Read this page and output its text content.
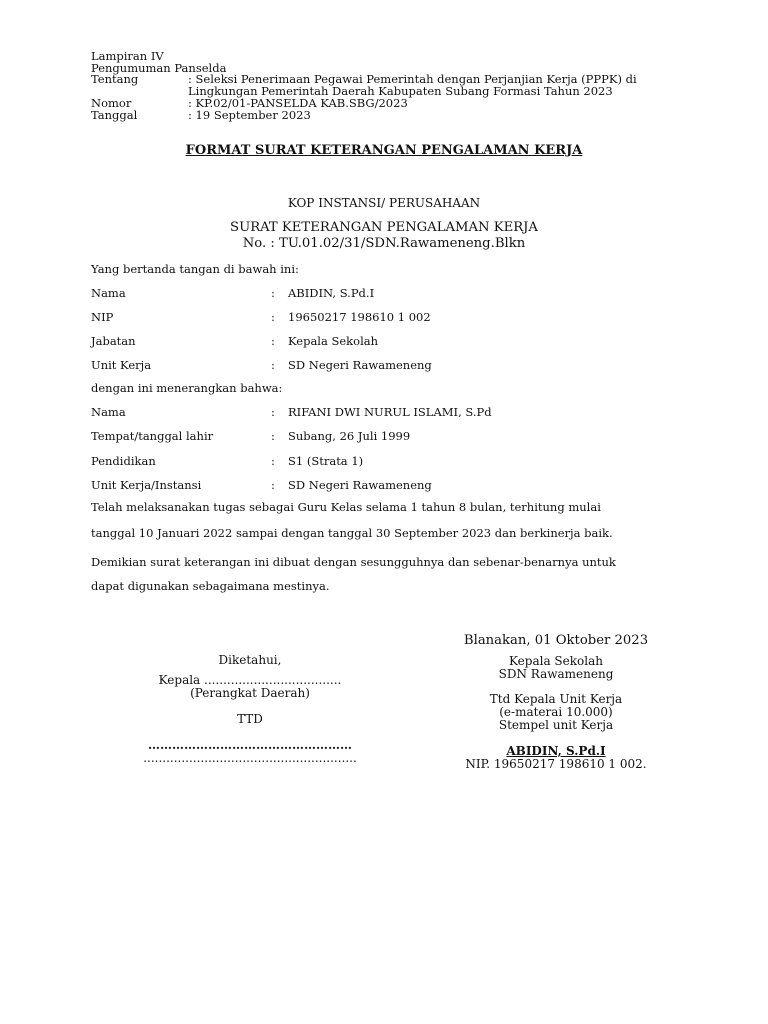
Lampiran IV
Pengumuman Panselda
Tentang	: Seleksi Penerimaan Pegawai Pemerintah dengan Perjanjian Kerja (PPPK) di
Lingkungan Pemerintah Daerah Kabupaten Subang Formasi Tahun 2023
Nomor	: KP.02/01-PANSELDA KAB.SBG/2023
Tanggal	: 19 September 2023
FORMAT SURAT KETERANGAN PENGALAMAN KERJA
KOP INSTANSI/ PERUSAHAAN
SURAT KETERANGAN PENGALAMAN KERJA
No. : TU.01.02/31/SDN.Rawameneng.Blkn
Yang bertanda tangan di bawah ini:
Nama	: ABIDIN, S.Pd.I
NIP	: 19650217 198610 1 002
Jabatan	: Kepala Sekolah
Unit Kerja	: SD Negeri Rawameneng
dengan ini menerangkan bahwa:
Nama	: RIFANI DWI NURUL ISLAMI, S.Pd
Tempat/tanggal lahir	: Subang, 26 Juli 1999
Pendidikan	: S1 (Strata 1)
Unit Kerja/Instansi	: SD Negeri Rawameneng
Telah melaksanakan tugas sebagai Guru Kelas selama 1 tahun 8 bulan, terhitung mulai
tanggal 10 Januari 2022 sampai dengan tanggal 30 September 2023 dan berkinerja baik.
Demikian surat keterangan ini dibuat dengan sesungguhnya dan sebenar-benarnya untuk
dapat digunakan sebagaimana mestinya.
Blanakan, 01 Oktober 2023
Kepala Sekolah
SDN Rawameneng
Ttd Kepala Unit Kerja
(e-materai 10.000)
Stempel unit Kerja
ABIDIN, S.Pd.I
NIP. 19650217 198610 1 002.
Diketahui,
Kepala ....................................
(Perangkat Daerah)
TTD
……………………………………………
........................................................
